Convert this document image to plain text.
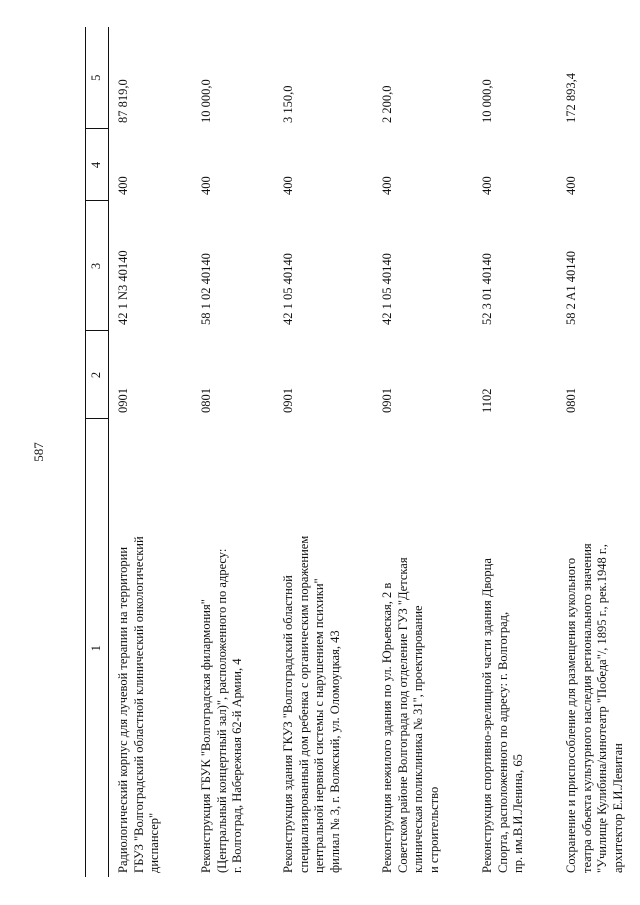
587
1	2	3	4	5

Радиологический корпус для лучевой терапии на территории ГБУЗ "Волгоградский областной клинический онкологический диспансер"	0901	42 1 N3 40140	400	87 819,0

Реконструкция ГБУК "Волгоградская филармония" (Центральный концертный зал)", расположенного по адресу: г. Волгоград, Набережная 62-й Армии, 4	0801	58 1 02 40140	400	10 000,0

Реконструкция здания ГКУЗ "Волгоградский областной специализированный дом ребенка с органическим поражением центральной нервной системы с нарушением психики" филиал № 3, г. Волжский, ул. Оломоуцкая, 43	0901	42 1 05 40140	400	3 150,0

Реконструкция нежилого здания по ул. Юрьевская, 2 в Советском районе Волгограда под отделение ГУЗ "Детская клиническая поликлиника № 31", проектирование и строительство	0901	42 1 05 40140	400	2 200,0

Реконструкция спортивно-зрелищной части здания Дворца Спорта, расположенного по адресу: г. Волгоград, пр. им.В.И.Ленина, 65	1102	52 3 01 40140	400	10 000,0

Сохранение и приспособление для размещения кукольного театра объекта культурного наследия регионального значения "Училище Кулибина/кинотеатр "Победа"/, 1895 г., рек.1948 г., архитектор Е.И.Левитан	0801	58 2 A1 40140	400	172 893,4
